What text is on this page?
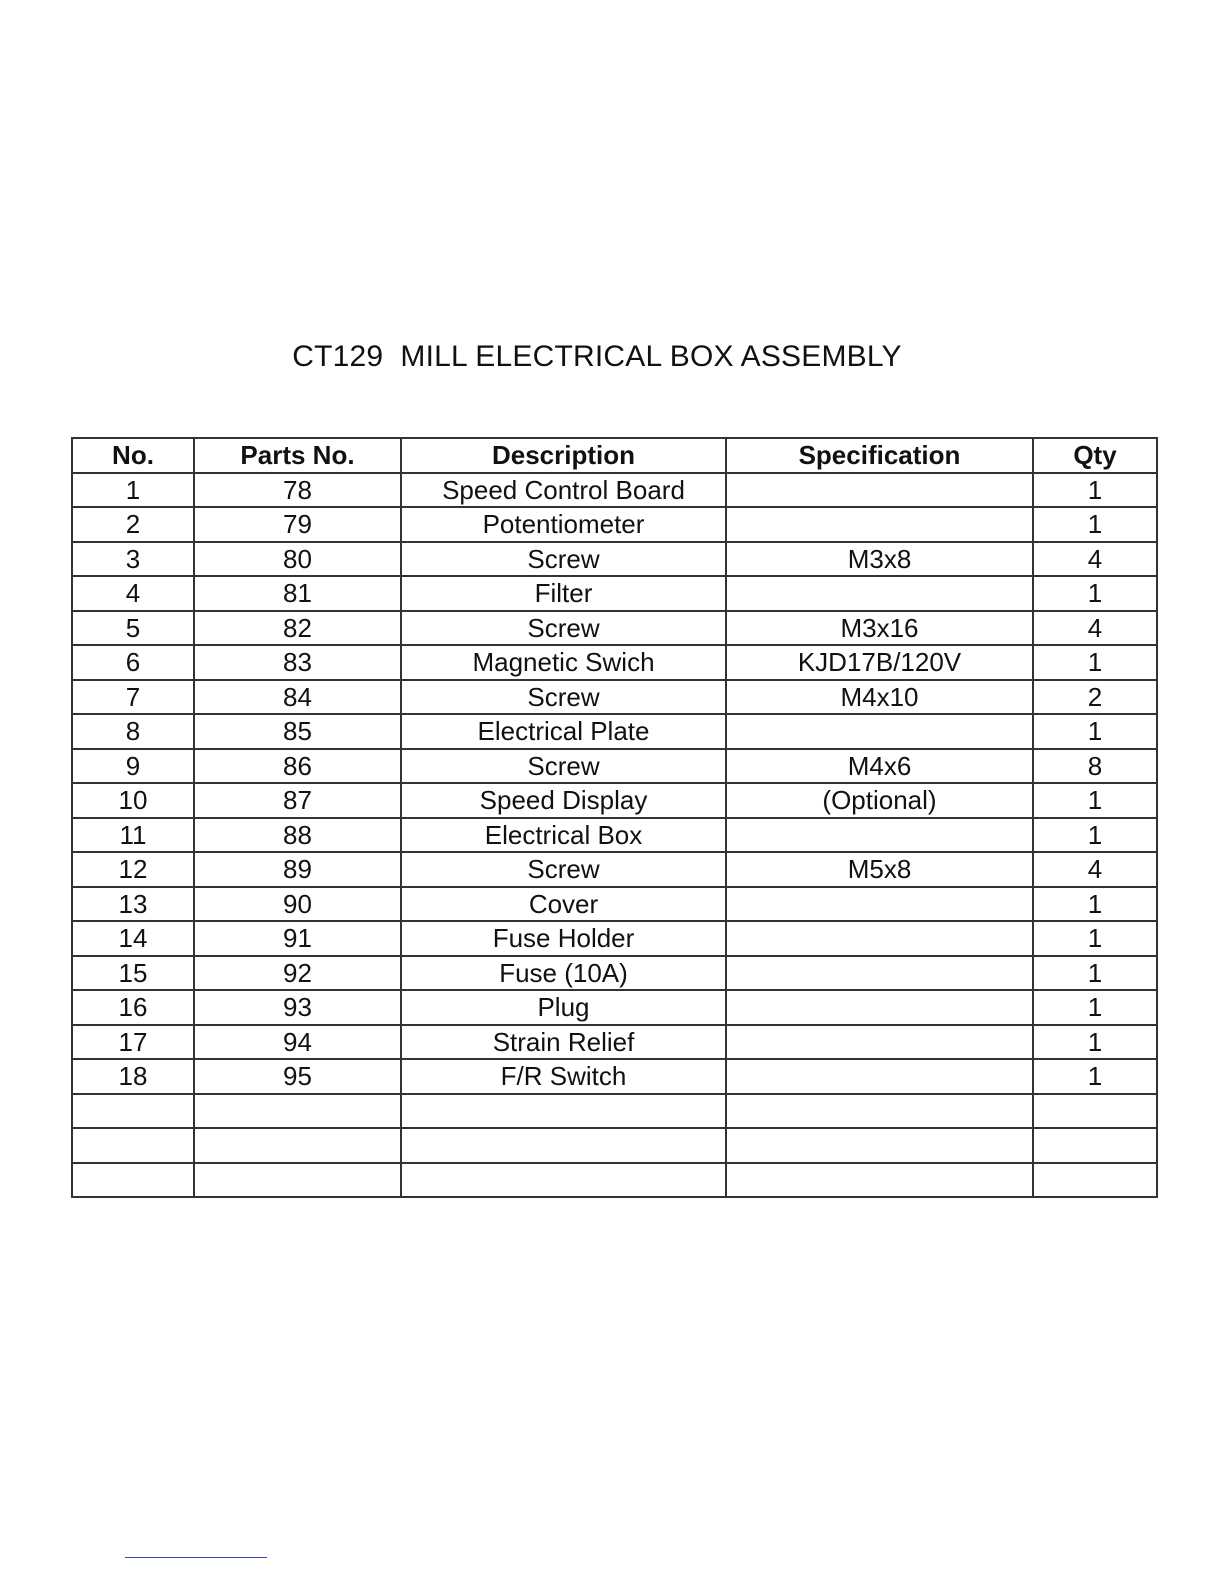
CT129  MILL ELECTRICAL BOX ASSEMBLY
No.	Parts No.	Description	Specification	Qty
1	78	Speed Control Board		1
2	79	Potentiometer		1
3	80	Screw	M3x8	4
4	81	Filter		1
5	82	Screw	M3x16	4
6	83	Magnetic Swich	KJD17B/120V	1
7	84	Screw	M4x10	2
8	85	Electrical Plate		1
9	86	Screw	M4x6	8
10	87	Speed Display	(Optional)	1
11	88	Electrical Box		1
12	89	Screw	M5x8	4
13	90	Cover		1
14	91	Fuse Holder		1
15	92	Fuse (10A)		1
16	93	Plug		1
17	94	Strain Relief		1
18	95	F/R Switch		1
